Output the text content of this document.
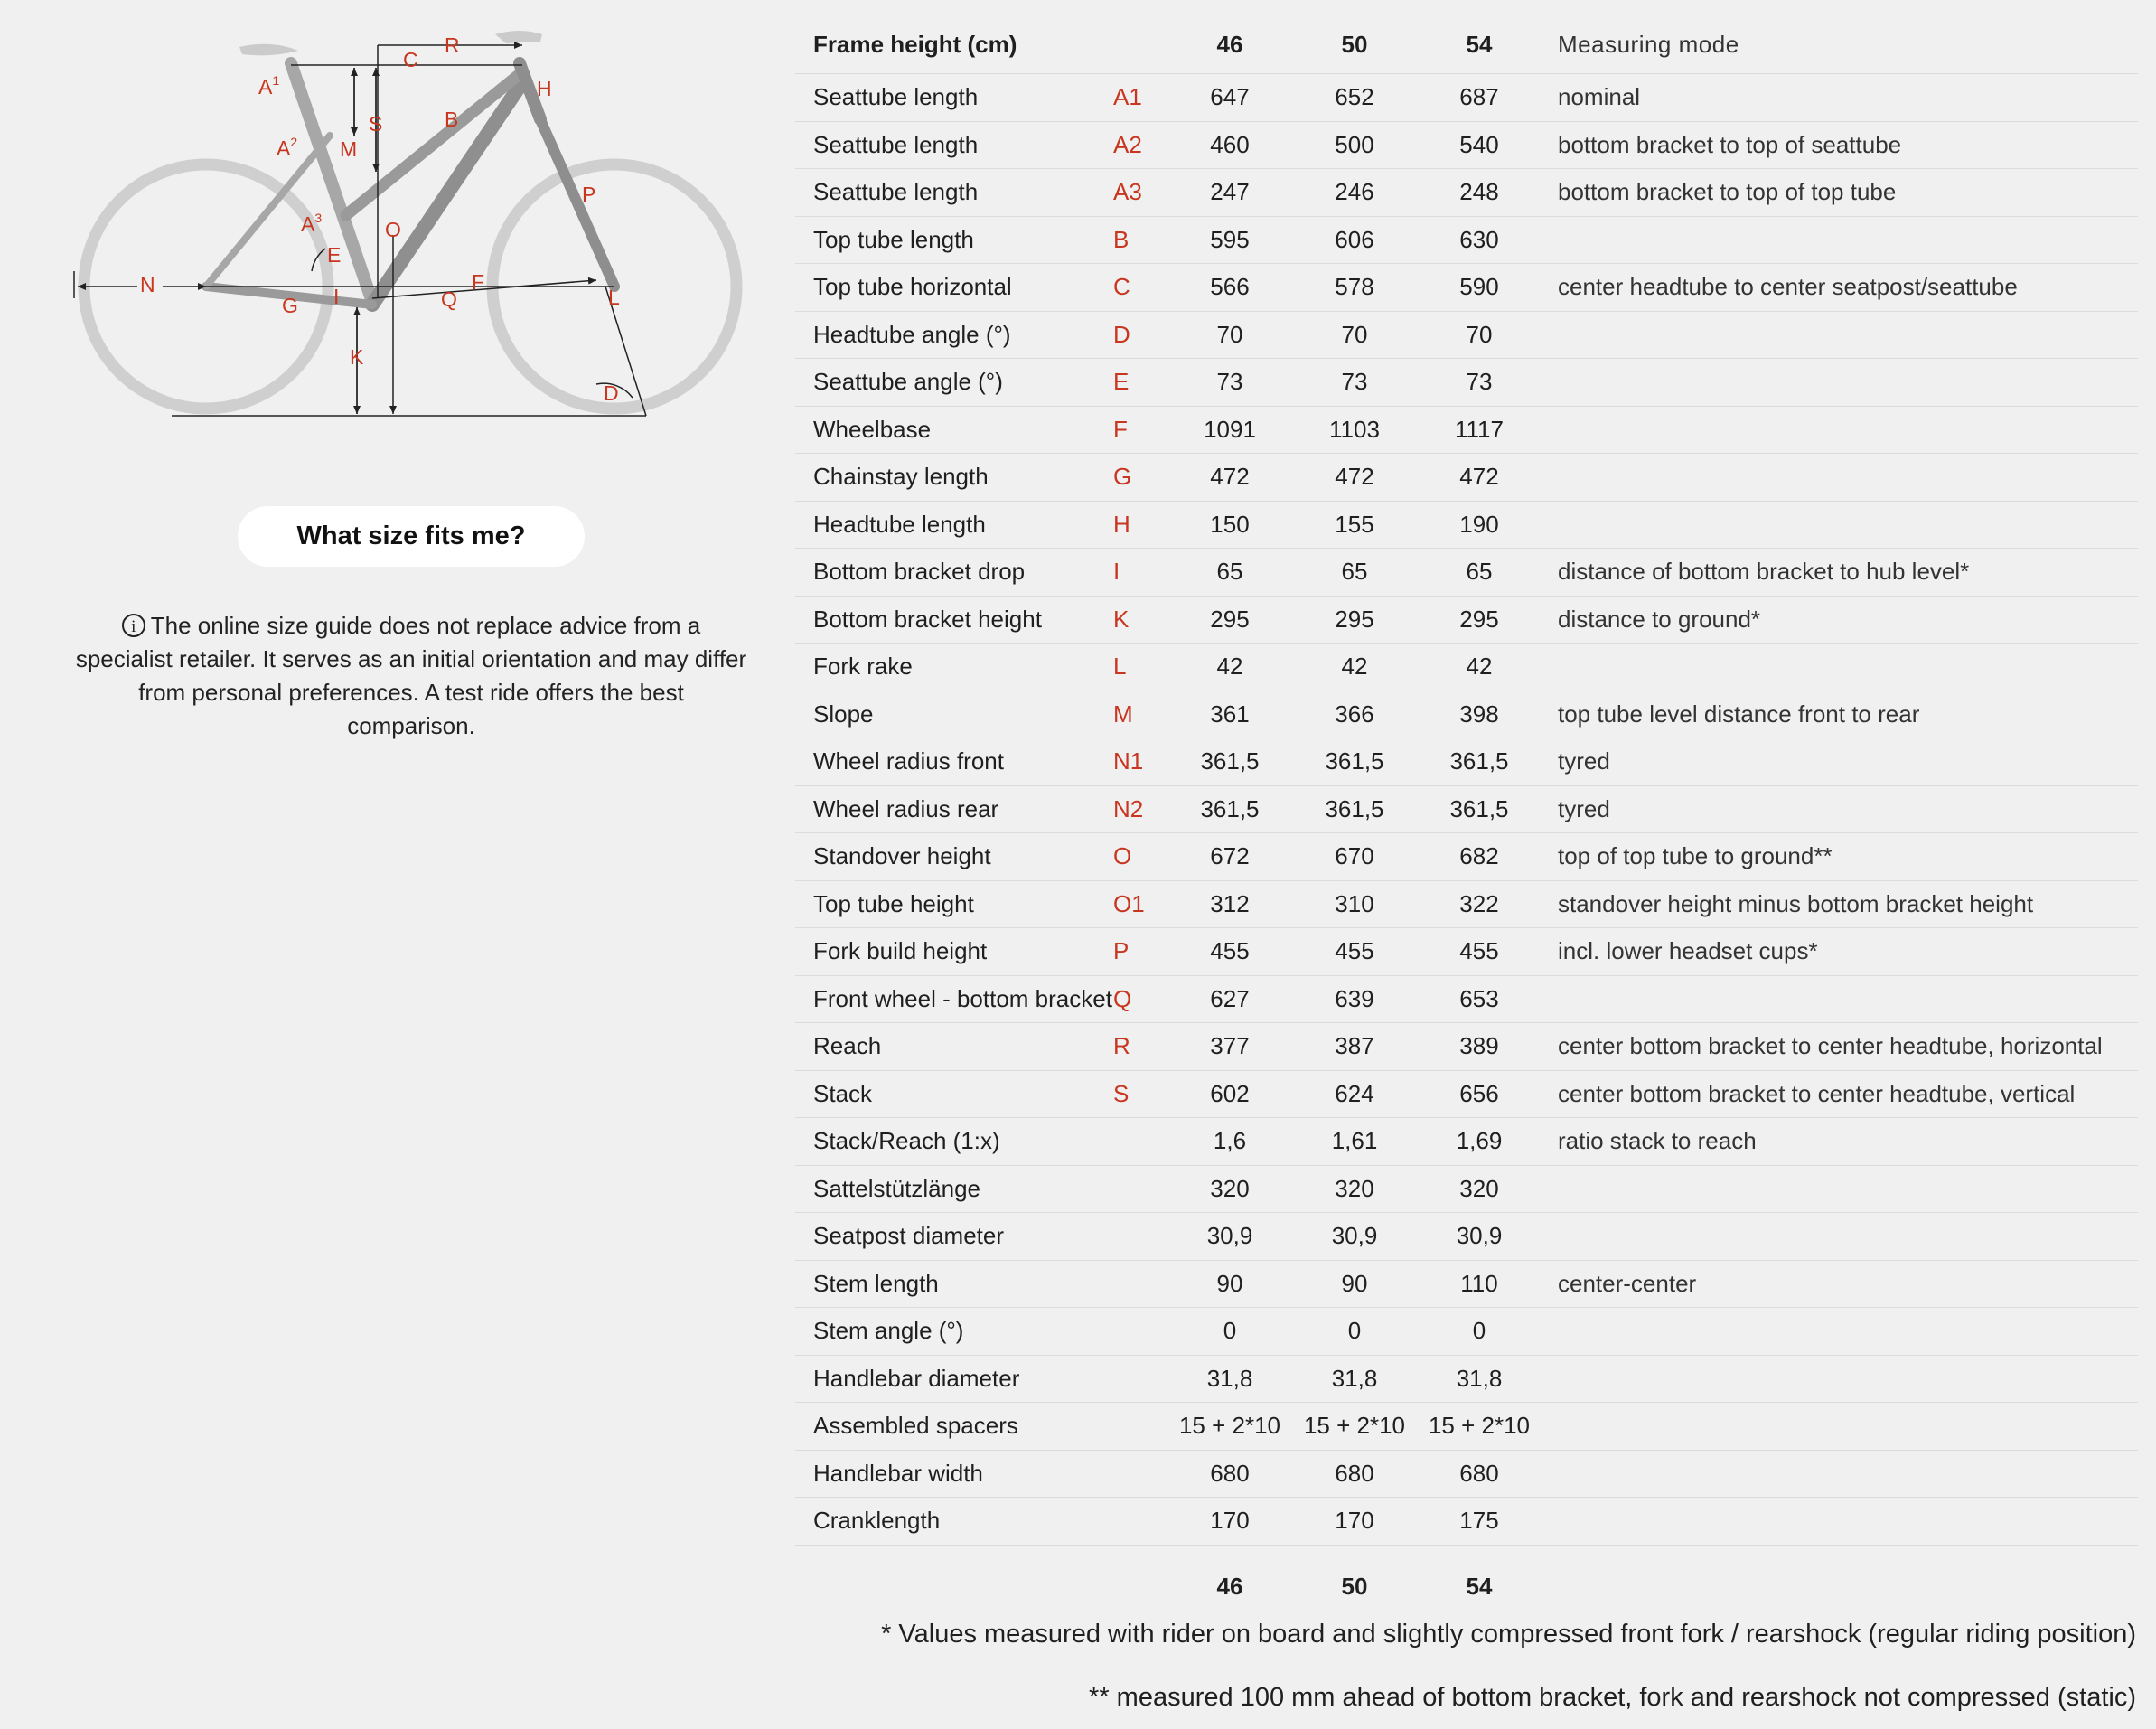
$A^1$
$A^2$
$A^3$
B
C
D
E
F
G
H
I
K
L
M
N
O
P
Q
R
S
What size fits me?
i The online size guide does not replace advice from a specialist retailer. It serves as an initial orientation and may differ from personal preferences. A test ride offers the best comparison.
Frame height (cm)		46	50	54	Measuring mode
Seattube length	A1	647	652	687	nominal
Seattube length	A2	460	500	540	bottom bracket to top of seattube
Seattube length	A3	247	246	248	bottom bracket to top of top tube
Top tube length	B	595	606	630	
Top tube horizontal	C	566	578	590	center headtube to center seatpost/seattube
Headtube angle (°)	D	70	70	70	
Seattube angle (°)	E	73	73	73	
Wheelbase	F	1091	1103	1117	
Chainstay length	G	472	472	472	
Headtube length	H	150	155	190	
Bottom bracket drop	I	65	65	65	distance of bottom bracket to hub level*
Bottom bracket height	K	295	295	295	distance to ground*
Fork rake	L	42	42	42	
Slope	M	361	366	398	top tube level distance front to rear
Wheel radius front	N1	361,5	361,5	361,5	tyred
Wheel radius rear	N2	361,5	361,5	361,5	tyred
Standover height	O	672	670	682	top of top tube to ground**
Top tube height	O1	312	310	322	standover height minus bottom bracket height
Fork build height	P	455	455	455	incl. lower headset cups*
Front wheel - bottom bracket	Q	627	639	653	
Reach	R	377	387	389	center bottom bracket to center headtube, horizontal
Stack	S	602	624	656	center bottom bracket to center headtube, vertical
Stack/Reach (1:x)		1,6	1,61	1,69	ratio stack to reach
Sattelstützlänge		320	320	320	
Seatpost diameter		30,9	30,9	30,9	
Stem length		90	90	110	center-center
Stem angle (°)		0	0	0	
Handlebar diameter		31,8	31,8	31,8	
Assembled spacers		15 + 2*10	15 + 2*10	15 + 2*10	
Handlebar width		680	680	680	
Cranklength		170	170	175	
		46	50	54	
* Values measured with rider on board and slightly compressed front fork / rearshock (regular riding position)
** measured 100 mm ahead of bottom bracket, fork and rearshock not compressed (static)
